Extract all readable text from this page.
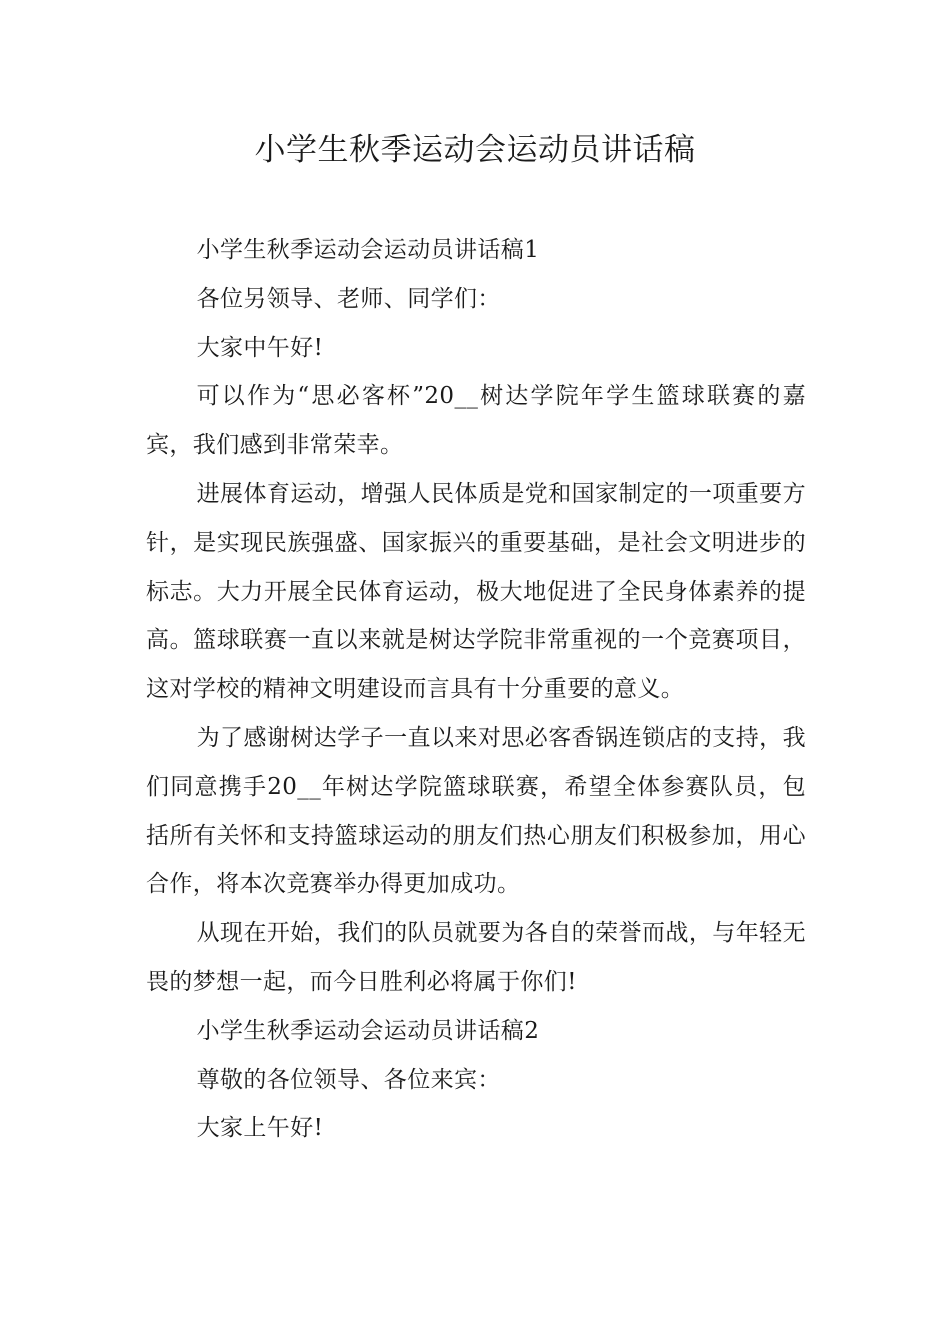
小学生秋季运动会运动员讲话稿

小学生秋季运动会运动员讲话稿1

各位另领导、老师、同学们：

大家中午好!

可以作为“思必客杯”20__树达学院年学生篮球联赛的嘉宾，我们感到非常荣幸。

进展体育运动，增强人民体质是党和国家制定的一项重要方针，是实现民族强盛、国家振兴的重要基础，是社会文明进步的标志。大力开展全民体育运动，极大地促进了全民身体素养的提高。篮球联赛一直以来就是树达学院非常重视的一个竞赛项目，这对学校的精神文明建设而言具有十分重要的意义。

为了感谢树达学子一直以来对思必客香锅连锁店的支持，我们同意携手20__年树达学院篮球联赛，希望全体参赛队员，包括所有关怀和支持篮球运动的朋友们热心朋友们积极参加，用心合作，将本次竞赛举办得更加成功。

从现在开始，我们的队员就要为各自的荣誉而战，与年轻无畏的梦想一起，而今日胜利必将属于你们!

小学生秋季运动会运动员讲话稿2

尊敬的各位领导、各位来宾：

大家上午好!
